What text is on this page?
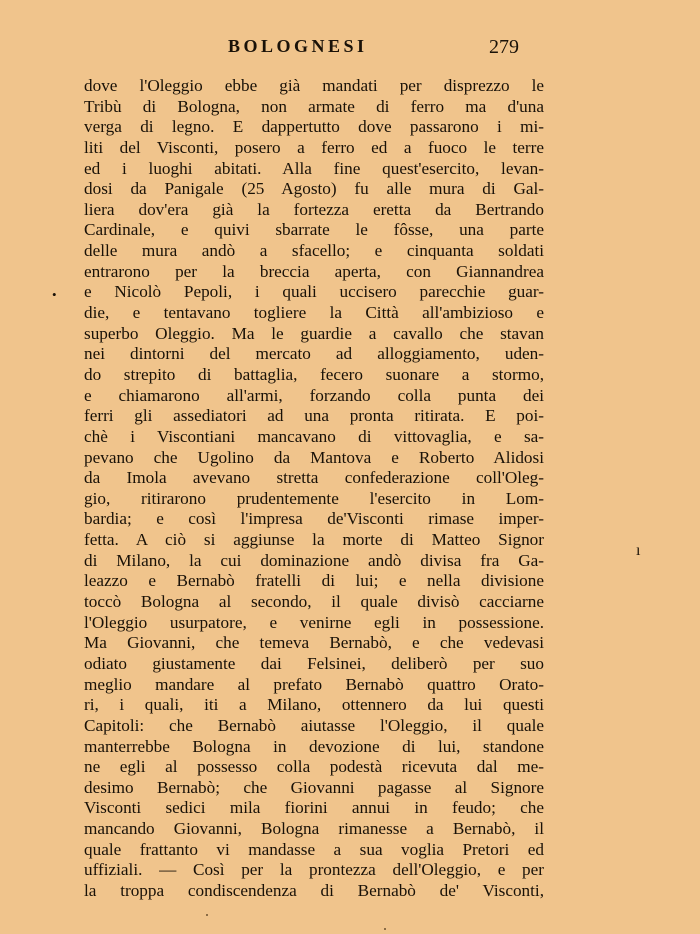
BOLOGNESI	279
dove l'Oleggio ebbe già mandati per disprezzo le
Tribù di Bologna, non armate di ferro ma d'una
verga di legno. E dappertutto dove passarono i mi-
liti del Visconti, posero a ferro ed a fuoco le terre
ed i luoghi abitati. Alla fine quest'esercito, levan-
dosi da Panigale (25 Agosto) fu alle mura di Gal-
liera dov'era già la fortezza eretta da Bertrando
Cardinale, e quivi sbarrate le fôsse, una parte
delle mura andò a sfacello; e cinquanta soldati
entrarono per la breccia aperta, con Giannandrea
e Nicolò Pepoli, i quali uccisero parecchie guar-
die, e tentavano togliere la Città all'ambizioso e
superbo Oleggio. Ma le guardie a cavallo che stavan
nei dintorni del mercato ad alloggiamento, uden-
do strepito di battaglia, fecero suonare a stormo,
e chiamarono all'armi, forzando colla punta dei
ferri gli assediatori ad una pronta ritirata. E poi-
chè i Viscontiani mancavano di vittovaglia, e sa-
pevano che Ugolino da Mantova e Roberto Alidosi
da Imola avevano stretta confederazione coll'Oleg-
gio, ritirarono prudentemente l'esercito in Lom-
bardia; e così l'impresa de'Visconti rimase imper-
fetta. A ciò si aggiunse la morte di Matteo Signor
di Milano, la cui dominazione andò divisa fra Ga-
leazzo e Bernabò fratelli di lui; e nella divisione
toccò Bologna al secondo, il quale divisò cacciarne
l'Oleggio usurpatore, e venirne egli in possessione.
Ma Giovanni, che temeva Bernabò, e che vedevasi
odiato giustamente dai Felsinei, deliberò per suo
meglio mandare al prefato Bernabò quattro Orato-
ri, i quali, iti a Milano, ottennero da lui questi
Capitoli: che Bernabò aiutasse l'Oleggio, il quale
manterrebbe Bologna in devozione di lui, standone
ne egli al possesso colla podestà ricevuta dal me-
desimo Bernabò; che Giovanni pagasse al Signore
Visconti sedici mila fiorini annui in feudo; che
mancando Giovanni, Bologna rimanesse a Bernabò, il
quale frattanto vi mandasse a sua voglia Pretori ed
uffiziali. — Così per la prontezza dell'Oleggio, e per
la troppa condiscendenza di Bernabò de' Visconti,
•
ı
